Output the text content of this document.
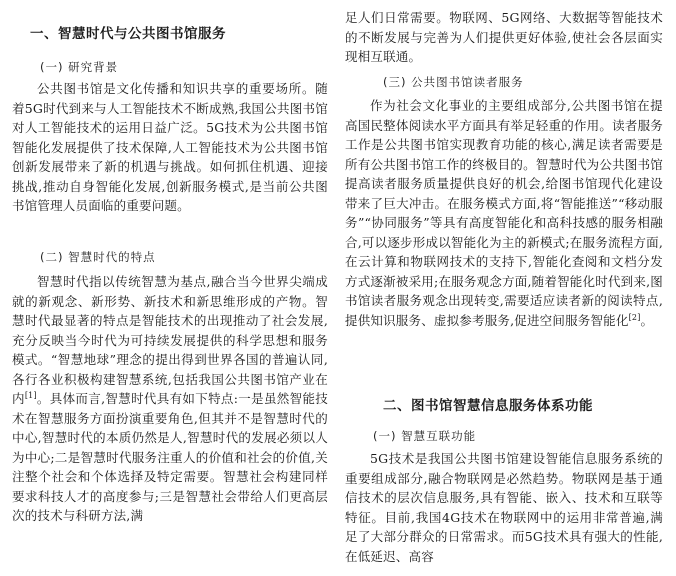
一、智慧时代与公共图书馆服务
(一) 研究背景
公共图书馆是文化传播和知识共享的重要场所。随着5G时代到来与人工智能技术不断成熟,我国公共图书馆对人工智能技术的运用日益广泛。5G技术为公共图书馆智能化发展提供了技术保障,人工智能技术为公共图书馆创新发展带来了新的机遇与挑战。如何抓住机遇、迎接挑战,推动自身智能化发展,创新服务模式,是当前公共图书馆管理人员面临的重要问题。
(二) 智慧时代的特点
智慧时代指以传统智慧为基点,融合当今世界尖端成就的新观念、新形势、新技术和新思维形成的产物。智慧时代最显著的特点是智能技术的出现推动了社会发展,充分反映当今时代为可持续发展提供的科学思想和服务模式。“智慧地球”理念的提出得到世界各国的普遍认同,各行各业积极构建智慧系统,包括我国公共图书馆产业在内[1]。具体而言,智慧时代具有如下特点:一是虽然智能技术在智慧服务方面扮演重要角色,但其并不是智慧时代的中心,智慧时代的本质仍然是人,智慧时代的发展必须以人为中心;二是智慧时代服务注重人的价值和社会的价值,关注整个社会和个体选择及特定需要。智慧社会构建同样要求科技人才的高度参与;三是智慧社会带给人们更高层次的技术与科研方法,满
足人们日常需要。物联网、5G网络、大数据等智能技术的不断发展与完善为人们提供更好体验,使社会各层面实现相互联通。
(三) 公共图书馆读者服务
作为社会文化事业的主要组成部分,公共图书馆在提高国民整体阅读水平方面具有举足轻重的作用。读者服务工作是公共图书馆实现教育功能的核心,满足读者需要是所有公共图书馆工作的终极目的。智慧时代为公共图书馆提高读者服务质量提供良好的机会,给图书馆现代化建设带来了巨大冲击。在服务模式方面,将“智能推送”“移动服务”“协同服务”等具有高度智能化和高科技感的服务相融合,可以逐步形成以智能化为主的新模式;在服务流程方面,在云计算和物联网技术的支持下,智能化查阅和文档分发方式逐渐被采用;在服务观念方面,随着智能化时代到来,图书馆读者服务观念出现转变,需要适应读者新的阅读特点,提供知识服务、虚拟参考服务,促进空间服务智能化[2]。
二、图书馆智慧信息服务体系功能
(一) 智慧互联功能
5G技术是我国公共图书馆建设智能信息服务系统的重要组成部分,融合物联网是必然趋势。物联网是基于通信技术的层次信息服务,具有智能、嵌入、技术和互联等特征。目前,我国4G技术在物联网中的运用非常普遍,满足了大部分群众的日常需求。而5G技术具有强大的性能,在低延迟、高容
